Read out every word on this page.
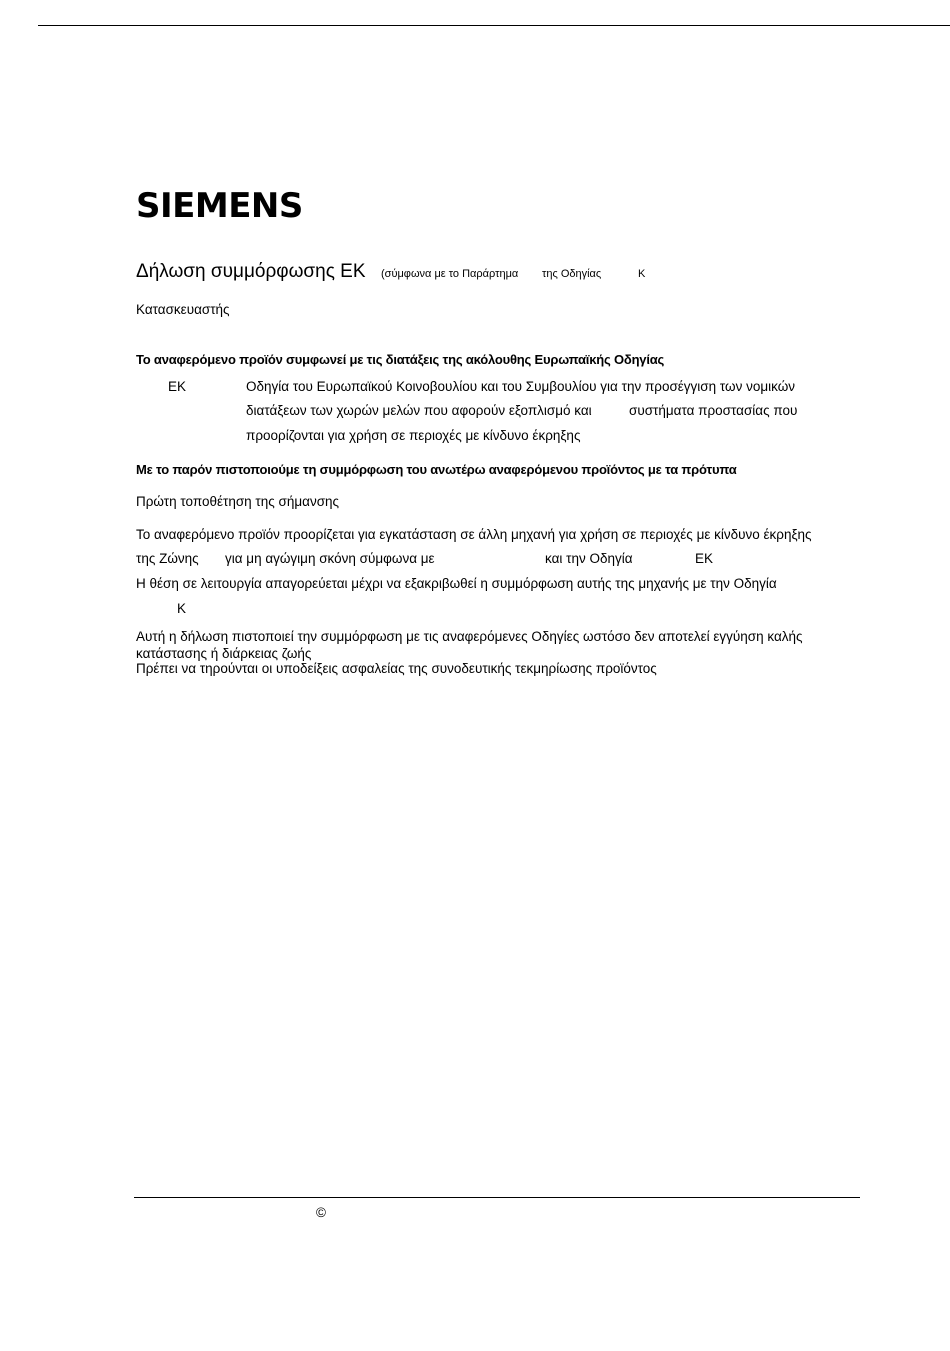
SIEMENS
Δήλωση συμμόρφωσης ΕΚ (σύμφωνα με το Παράρτημα της Οδηγίας	K
Κατασκευαστής
Το αναφερόμενο προϊόν συμφωνεί με τις διατάξεις της ακόλουθης Ευρωπαϊκής Οδηγίας
EK	Οδηγία του Ευρωπαϊκού Κοινοβουλίου και του Συμβουλίου για την προσέγγιση των νομικών
διατάξεων των χωρών μελών που αφορούν εξοπλισμό και	συστήματα προστασίας που
προορίζονται για χρήση σε περιοχές με κίνδυνο έκρηξης
Με το παρόν πιστοποιούμε τη συμμόρφωση του ανωτέρω αναφερόμενου προϊόντος με τα πρότυπα
Πρώτη τοποθέτηση της σήμανσης
Το αναφερόμενο προϊόν προορίζεται για εγκατάσταση σε άλλη μηχανή για χρήση σε περιοχές με κίνδυνο έκρηξης
της Ζώνης για μη αγώγιμη σκόνη σύμφωνα με	και την Οδηγία	EK
Η θέση σε λειτουργία απαγορεύεται μέχρι να εξακριβωθεί η συμμόρφωση αυτής της μηχανής με την Οδηγία
K
Αυτή η δήλωση πιστοποιεί την συμμόρφωση με τις αναφερόμενες Οδηγίες ωστόσο δεν αποτελεί εγγύηση καλής κατάστασης ή διάρκειας ζωής
Πρέπει να τηρούνται οι υποδείξεις ασφαλείας της συνοδευτικής τεκμηρίωσης προϊόντος
©
